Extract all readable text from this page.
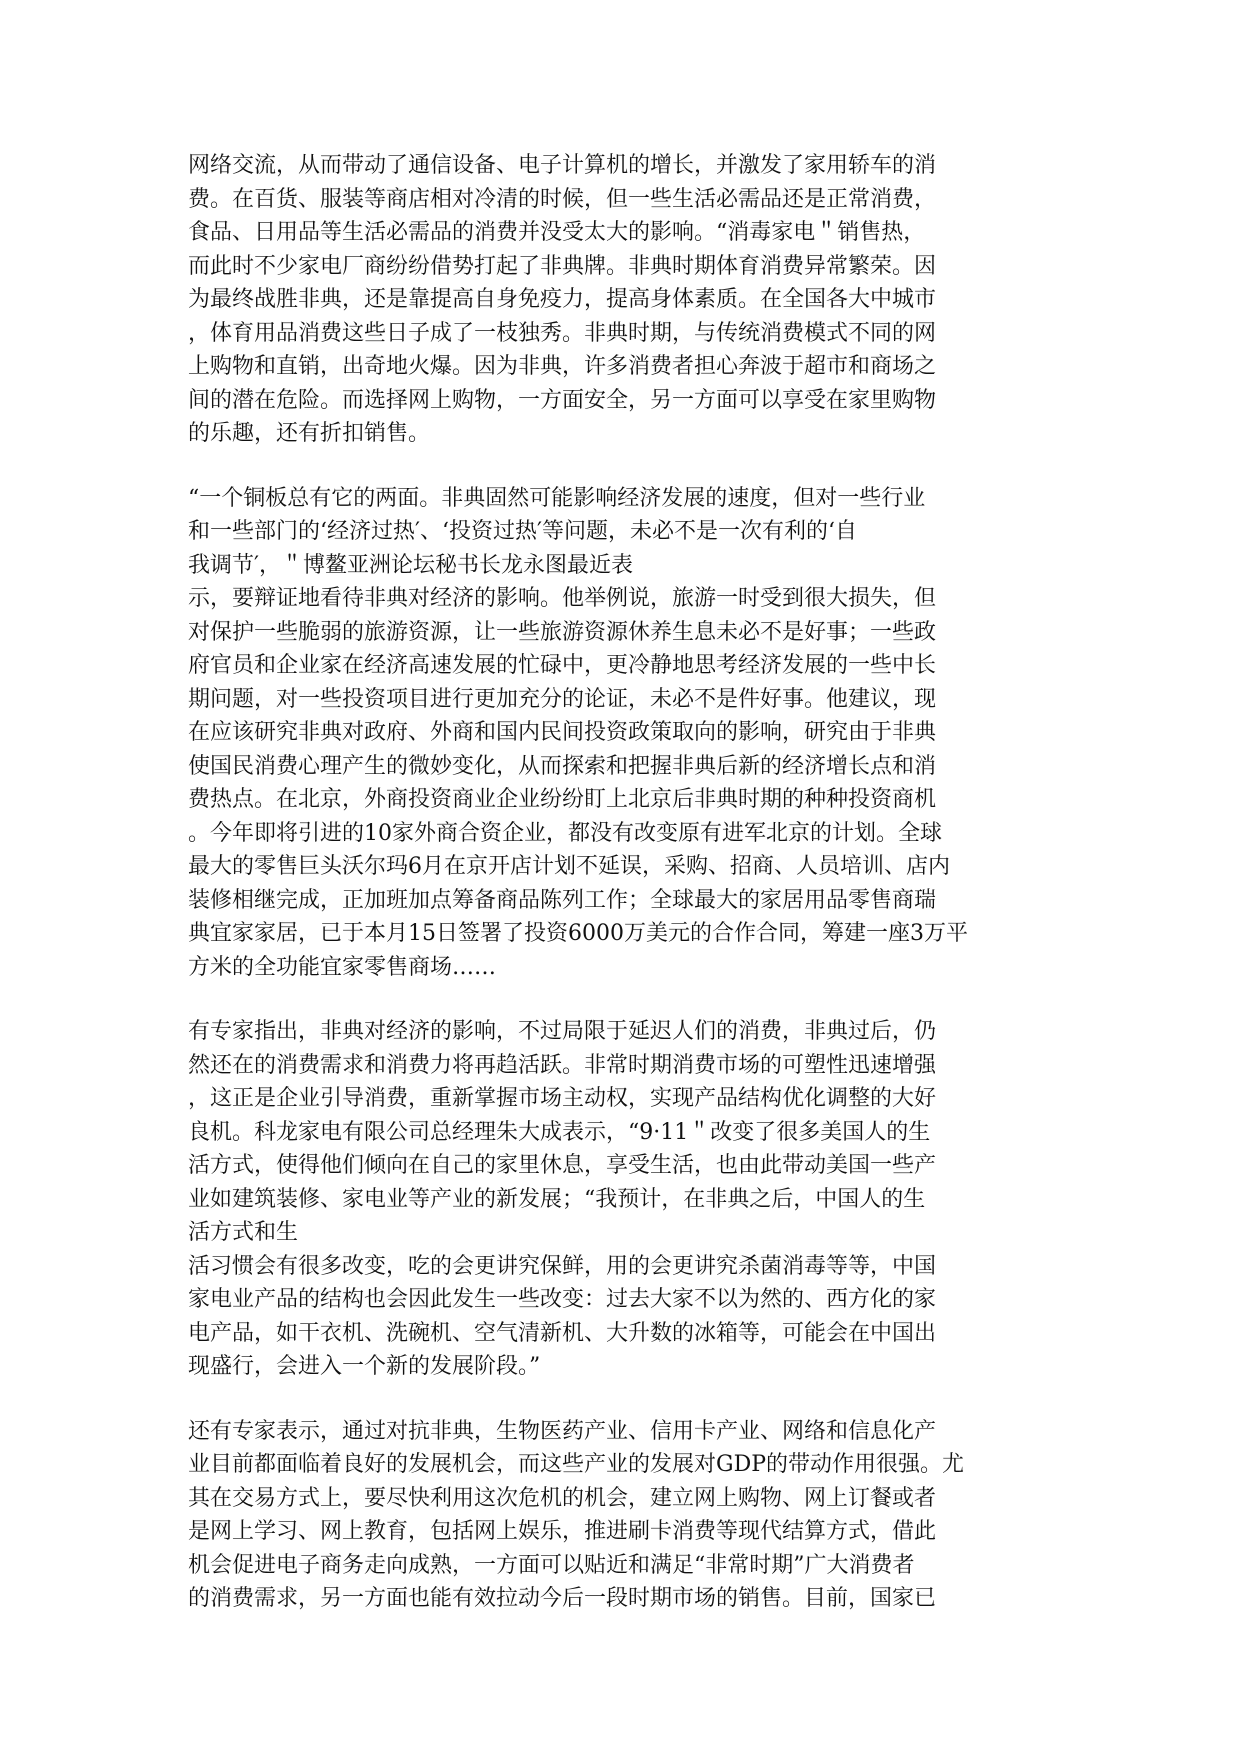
网络交流，从而带动了通信设备、电子计算机的增长，并激发了家用轿车的消
费。在百货、服装等商店相对冷清的时候，但一些生活必需品还是正常消费，
食品、日用品等生活必需品的消费并没受太大的影响。“消毒家电＂销售热，
而此时不少家电厂商纷纷借势打起了非典牌。非典时期体育消费异常繁荣。因
为最终战胜非典，还是靠提高自身免疫力，提高身体素质。在全国各大中城市
，体育用品消费这些日子成了一枝独秀。非典时期，与传统消费模式不同的网
上购物和直销，出奇地火爆。因为非典，许多消费者担心奔波于超市和商场之
间的潜在危险。而选择网上购物，一方面安全，另一方面可以享受在家里购物
的乐趣，还有折扣销售。
“一个铜板总有它的两面。非典固然可能影响经济发展的速度，但对一些行业
和一些部门的‘经济过热′、‘投资过热′等问题，未必不是一次有利的‘自
我调节′，＂博鳌亚洲论坛秘书长龙永图最近表
示，要辩证地看待非典对经济的影响。他举例说，旅游一时受到很大损失，但
对保护一些脆弱的旅游资源，让一些旅游资源休养生息未必不是好事；一些政
府官员和企业家在经济高速发展的忙碌中，更冷静地思考经济发展的一些中长
期问题，对一些投资项目进行更加充分的论证，未必不是件好事。他建议，现
在应该研究非典对政府、外商和国内民间投资政策取向的影响，研究由于非典
使国民消费心理产生的微妙变化，从而探索和把握非典后新的经济增长点和消
费热点。在北京，外商投资商业企业纷纷盯上北京后非典时期的种种投资商机
。今年即将引进的10家外商合资企业，都没有改变原有进军北京的计划。全球
最大的零售巨头沃尔玛6月在京开店计划不延误，采购、招商、人员培训、店内
装修相继完成，正加班加点筹备商品陈列工作；全球最大的家居用品零售商瑞
典宜家家居，已于本月15日签署了投资6000万美元的合作合同，筹建一座3万平
方米的全功能宜家零售商场……
有专家指出，非典对经济的影响，不过局限于延迟人们的消费，非典过后，仍
然还在的消费需求和消费力将再趋活跃。非常时期消费市场的可塑性迅速增强
，这正是企业引导消费，重新掌握市场主动权，实现产品结构优化调整的大好
良机。科龙家电有限公司总经理朱大成表示，“9·11＂改变了很多美国人的生
活方式，使得他们倾向在自己的家里休息，享受生活，也由此带动美国一些产
业如建筑装修、家电业等产业的新发展；“我预计，在非典之后，中国人的生
活方式和生
活习惯会有很多改变，吃的会更讲究保鲜，用的会更讲究杀菌消毒等等，中国
家电业产品的结构也会因此发生一些改变：过去大家不以为然的、西方化的家
电产品，如干衣机、洗碗机、空气清新机、大升数的冰箱等，可能会在中国出
现盛行，会进入一个新的发展阶段。”
还有专家表示，通过对抗非典，生物医药产业、信用卡产业、网络和信息化产
业目前都面临着良好的发展机会，而这些产业的发展对GDP的带动作用很强。尤
其在交易方式上，要尽快利用这次危机的机会，建立网上购物、网上订餐或者
是网上学习、网上教育，包括网上娱乐，推进刷卡消费等现代结算方式，借此
机会促进电子商务走向成熟，一方面可以贴近和满足“非常时期”广大消费者
的消费需求，另一方面也能有效拉动今后一段时期市场的销售。目前，国家已
